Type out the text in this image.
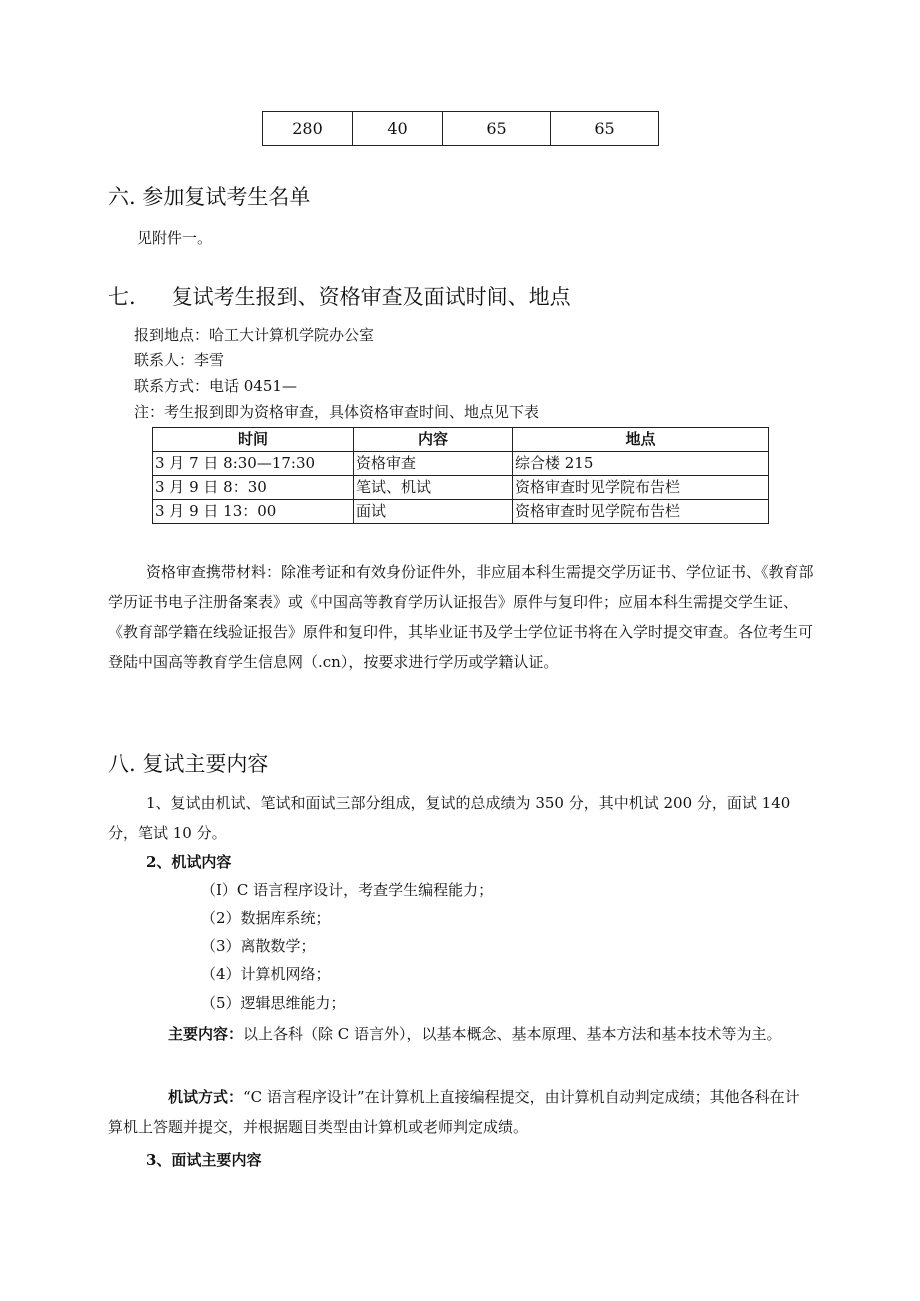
280	40	65	65
六. 参加复试考生名单
见附件一。
七. 复试考生报到、资格审查及面试时间、地点
报到地点：哈工大计算机学院办公室
联系人：李雪
联系方式：电话 0451—
注：考生报到即为资格审查，具体资格审查时间、地点见下表
时间	内容	地点
3 月 7 日 8:30—17:30	资格审查	综合楼 215
3 月 9 日 8：30	笔试、机试	资格审查时见学院布告栏
3 月 9 日 13：00	面试	资格审查时见学院布告栏
资格审查携带材料：除准考证和有效身份证件外，非应届本科生需提交学历证书、学位证书、《教育部学历证书电子注册备案表》或《中国高等教育学历认证报告》原件与复印件；应届本科生需提交学生证、《教育部学籍在线验证报告》原件和复印件，其毕业证书及学士学位证书将在入学时提交审查。各位考生可登陆中国高等教育学生信息网（.cn），按要求进行学历或学籍认证。
八. 复试主要内容
1、复试由机试、笔试和面试三部分组成，复试的总成绩为 350 分，其中机试 200 分，面试 140 分，笔试 10 分。
2、机试内容
（I）C 语言程序设计，考查学生编程能力；
（2）数据库系统；
（3）离散数学；
（4）计算机网络；
（5）逻辑思维能力；
主要内容：以上各科（除 C 语言外），以基本概念、基本原理、基本方法和基本技术等为主。
机试方式：“C 语言程序设计”在计算机上直接编程提交，由计算机自动判定成绩；其他各科在计算机上答题并提交，并根据题目类型由计算机或老师判定成绩。
3、面试主要内容
